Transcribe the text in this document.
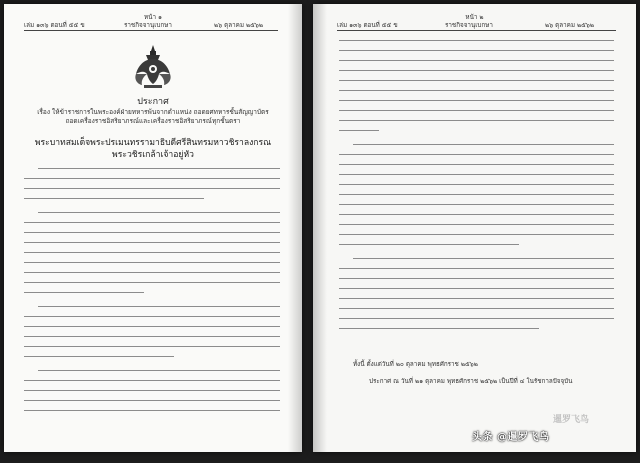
หน้า ๑
เล่ม ๑๓๖ ตอนที่ ๕๕ ข	ราชกิจจานุเบกษา	๒๖ ตุลาคม ๒๕๖๒
ประกาศ
เรื่อง ให้ข้าราชการในพระองค์ฝ่ายทหารพ้นจากตำแหน่ง ถอดยศทหารชั้นสัญญาบัตร
ถอดเครื่องราชอิสริยาภรณ์และเครื่องราชอิสริยาภรณ์ทุกชั้นตรา
พระบาทสมเด็จพระปรเมนทรรามาธิบดีศรีสินทรมหาวชิราลงกรณ
พระวชิรเกล้าเจ้าอยู่หัว
หน้า ๒
เล่ม ๑๓๖ ตอนที่ ๕๕ ข	ราชกิจจานุเบกษา	๒๖ ตุลาคม ๒๕๖๒
ทั้งนี้ ตั้งแต่วันที่ ๒๐ ตุลาคม พุทธศักราช ๒๕๖๒
ประกาศ ณ วันที่ ๒๑ ตุลาคม พุทธศักราช ๒๕๖๒ เป็นปีที่ ๔ ในรัชกาลปัจจุบัน
暹罗飞鸟
头条 @暹罗飞鸟
